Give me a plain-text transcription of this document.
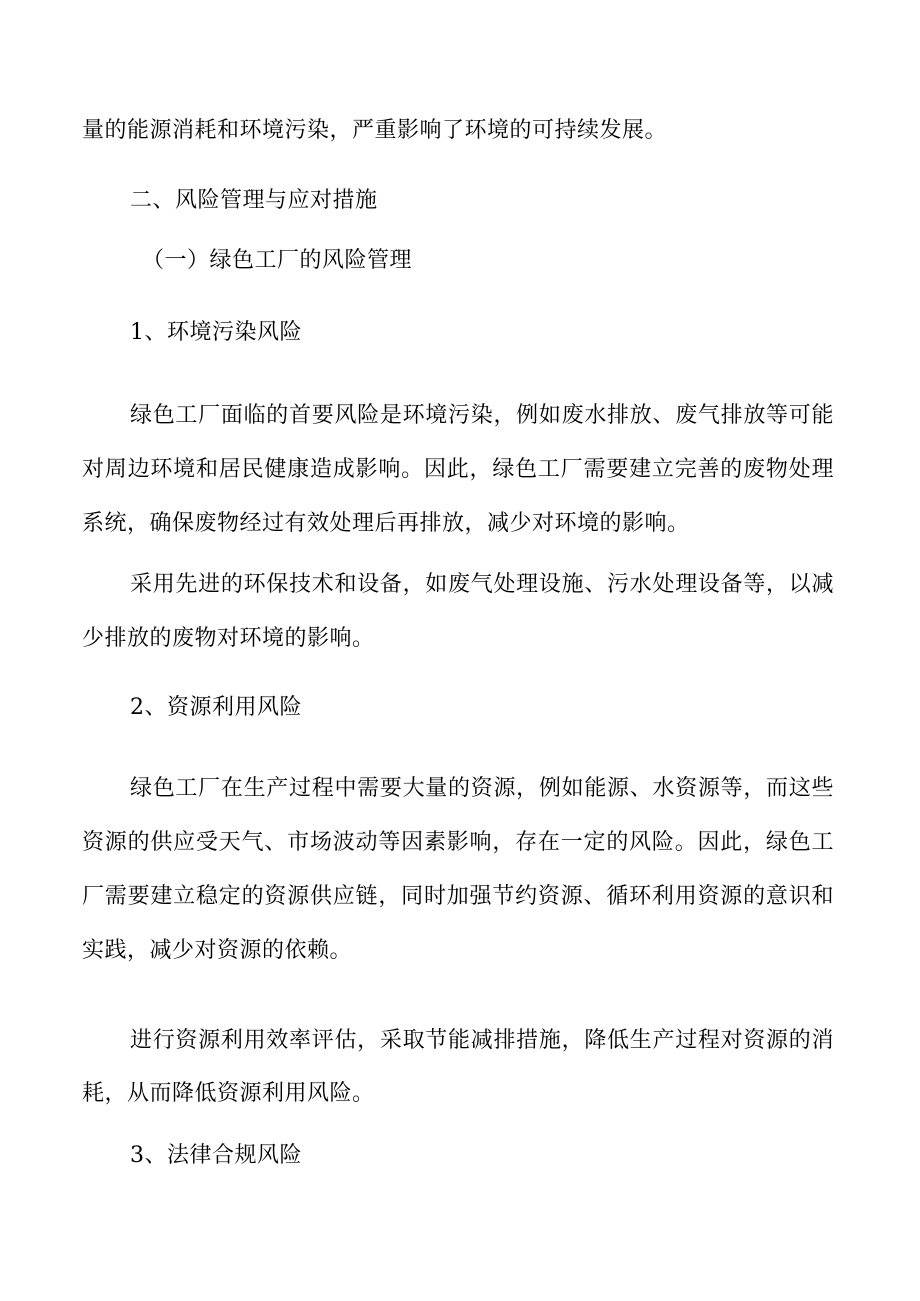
量的能源消耗和环境污染，严重影响了环境的可持续发展。
二、风险管理与应对措施
（一）绿色工厂的风险管理
1、环境污染风险
绿色工厂面临的首要风险是环境污染，例如废水排放、废气排放等可能
对周边环境和居民健康造成影响。因此，绿色工厂需要建立完善的废物处理
系统，确保废物经过有效处理后再排放，减少对环境的影响。
采用先进的环保技术和设备，如废气处理设施、污水处理设备等，以减
少排放的废物对环境的影响。
2、资源利用风险
绿色工厂在生产过程中需要大量的资源，例如能源、水资源等，而这些
资源的供应受天气、市场波动等因素影响，存在一定的风险。因此，绿色工
厂需要建立稳定的资源供应链，同时加强节约资源、循环利用资源的意识和
实践，减少对资源的依赖。
进行资源利用效率评估，采取节能减排措施，降低生产过程对资源的消
耗，从而降低资源利用风险。
3、法律合规风险
